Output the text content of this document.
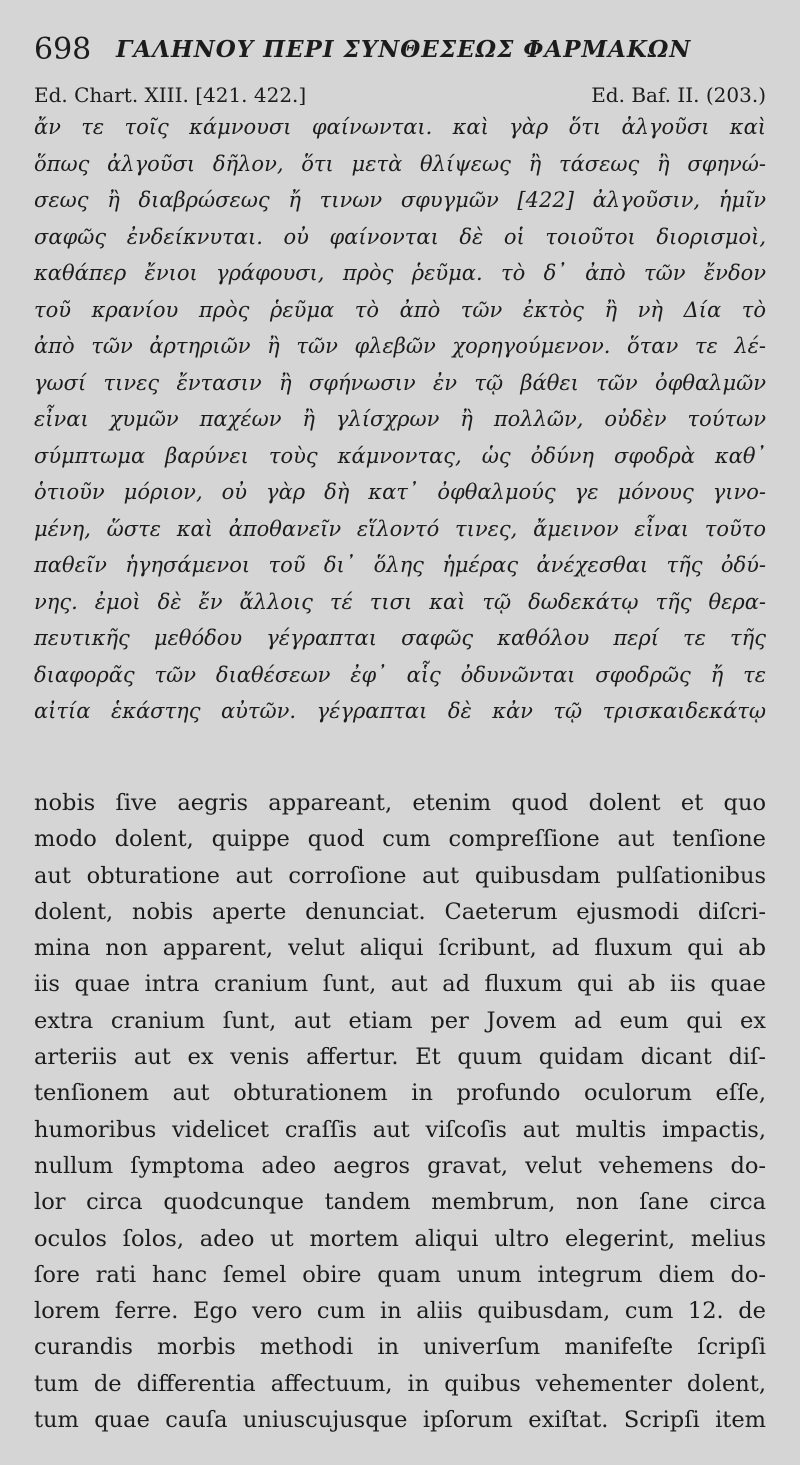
698 ΓΑΛΗΝΟΥ ΠΕΡΙ ΣΥΝΘΕΣΕΩΣ ΦΑΡΜΑΚΩΝ
Ed. Chart. XIII. [421. 422.]	Ed. Baf. II. (203.)
ἄν τε τοῖς κάμνουσι φαίνωνται. καὶ γὰρ ὅτι ἀλγοῦσι καὶ
ὅπως ἀλγοῦσι δῆλον, ὅτι μετὰ θλίψεως ἢ τάσεως ἢ σφηνώ-
σεως ἢ διαβρώσεως ἤ τινων σφυγμῶν [422] ἀλγοῦσιν, ἡμῖν
σαφῶς ἐνδείκνυται. οὐ φαίνονται δὲ οἱ τοιοῦτοι διορισμοὶ,
καθάπερ ἔνιοι γράφουσι, πρὸς ῥεῦμα. τὸ δ᾽ ἀπὸ τῶν ἔνδον
τοῦ κρανίου πρὸς ῥεῦμα τὸ ἀπὸ τῶν ἐκτὸς ἢ νὴ Δία τὸ
ἀπὸ τῶν ἀρτηριῶν ἢ τῶν φλεβῶν χορηγούμενον. ὅταν τε λέ-
γωσί τινες ἔντασιν ἢ σφήνωσιν ἐν τῷ βάθει τῶν ὀφθαλμῶν
εἶναι χυμῶν παχέων ἢ γλίσχρων ἢ πολλῶν, οὐδὲν τούτων
σύμπτωμα βαρύνει τοὺς κάμνοντας, ὡς ὀδύνη σφοδρὰ καθ᾽
ὁτιοῦν μόριον, οὐ γὰρ δὴ κατ᾽ ὀφθαλμούς γε μόνους γινο-
μένη, ὥστε καὶ ἀποθανεῖν εἵλοντό τινες, ἄμεινον εἶναι τοῦτο
παθεῖν ἡγησάμενοι τοῦ δι᾽ ὅλης ἡμέρας ἀνέχεσθαι τῆς ὀδύ-
νης. ἐμοὶ δὲ ἔν ἄλλοις τέ τισι καὶ τῷ δωδεκάτῳ τῆς θερα-
πευτικῆς μεθόδου γέγραπται σαφῶς καθόλου περί τε τῆς
διαφορᾶς τῶν διαθέσεων ἐφ᾽ αἷς ὀδυνῶνται σφοδρῶς ἤ τε
αἰτία ἑκάστης αὐτῶν. γέγραπται δὲ κἀν τῷ τρισκαιδεκάτῳ
nobis ſive aegris appareant, etenim quod dolent et quo
modo dolent, quippe quod cum compreſſione aut tenſione
aut obturatione aut corroſione aut quibusdam pulſationibus
dolent, nobis aperte denunciat. Caeterum ejusmodi diſcri-
mina non apparent, velut aliqui ſcribunt, ad fluxum qui ab
iis quae intra cranium ſunt, aut ad fluxum qui ab iis quae
extra cranium ſunt, aut etiam per Jovem ad eum qui ex
arteriis aut ex venis affertur. Et quum quidam dicant diſ-
tenſionem aut obturationem in profundo oculorum eſſe,
humoribus videlicet craſſis aut viſcoſis aut multis impactis,
nullum ſymptoma adeo aegros gravat, velut vehemens do-
lor circa quodcunque tandem membrum, non ſane circa
oculos ſolos, adeo ut mortem aliqui ultro elegerint, melius
ſore rati hanc ſemel obire quam unum integrum diem do-
lorem ferre. Ego vero cum in aliis quibusdam, cum 12. de
curandis morbis methodi in univerſum manifeſte ſcripſi
tum de differentia affectuum, in quibus vehementer dolent,
tum quae cauſa uniuscujusque ipſorum exiſtat. Scripſi item
